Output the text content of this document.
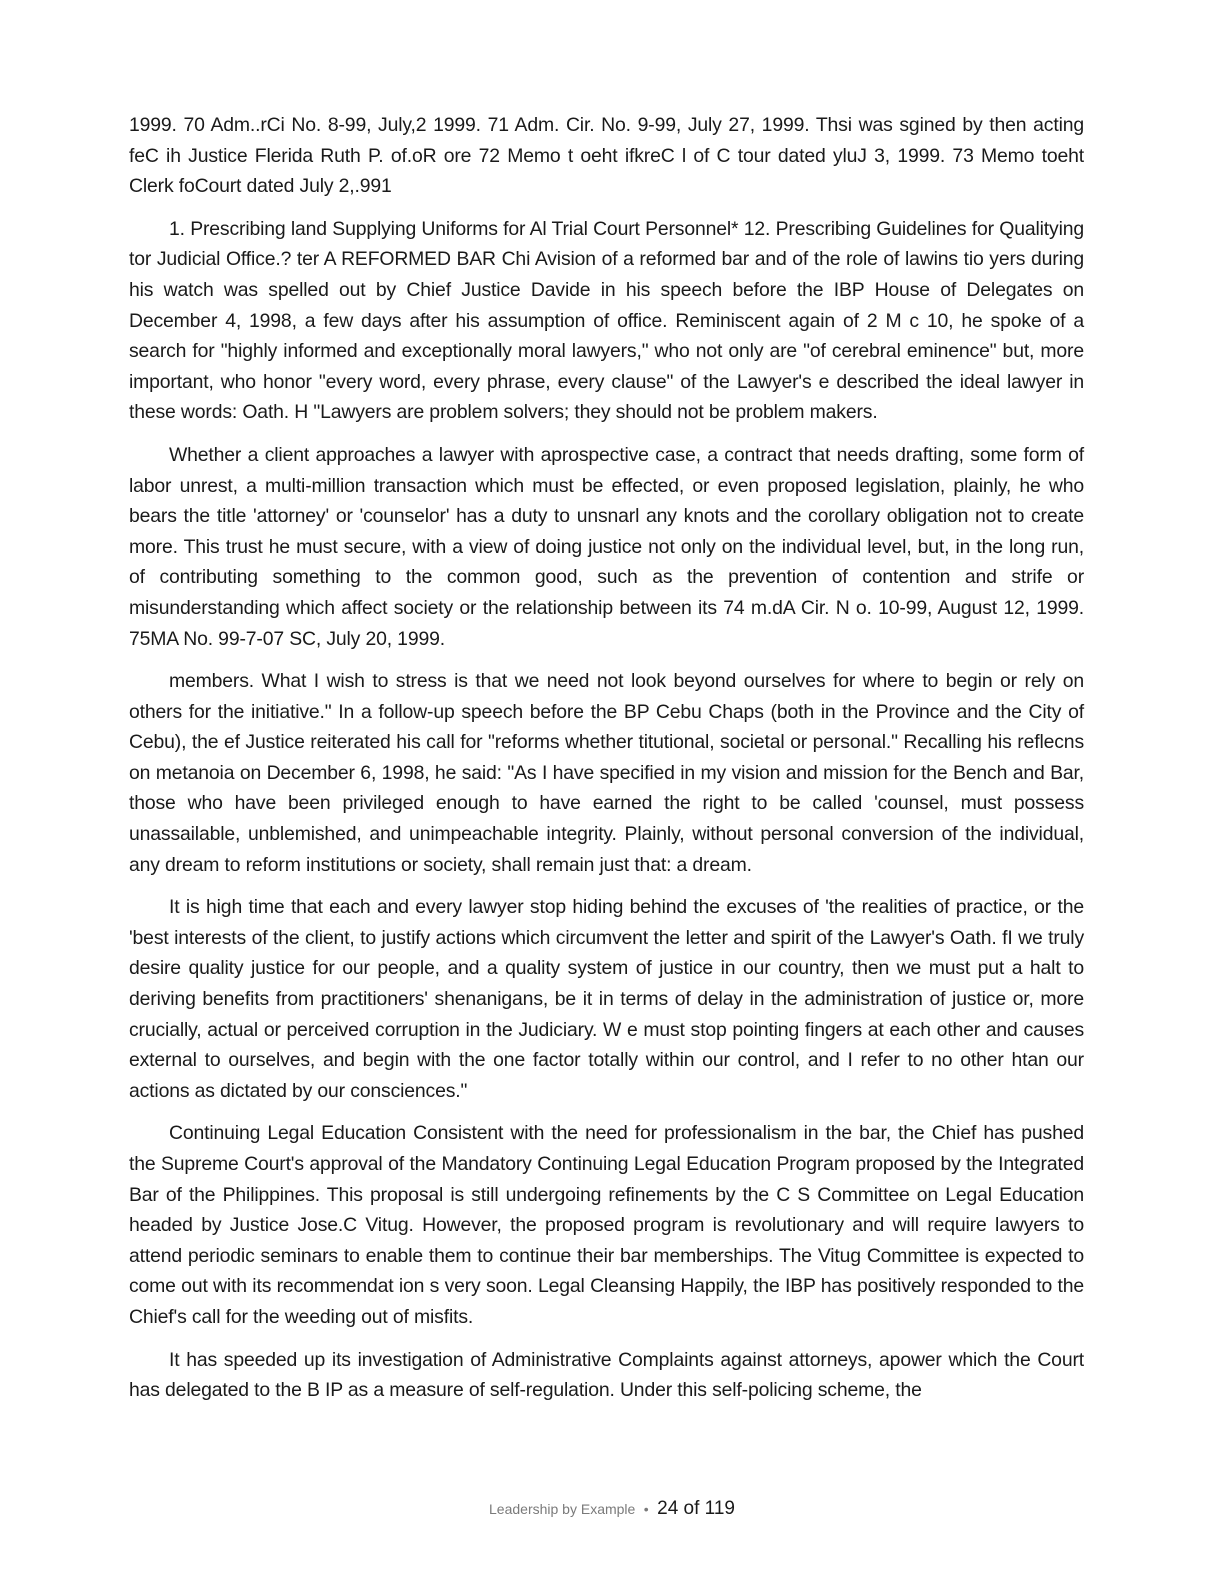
1999. 70 Adm..rCi No. 8-99, July,2 1999. 71 Adm. Cir. No. 9-99, July 27, 1999. Thsi was sgined by then acting feC ih Justice Flerida Ruth P. of.oR ore 72 Memo t oeht ifkreC l of C tour dated yluJ 3, 1999. 73 Memo toeht Clerk foCourt dated July 2,.991

1. Prescribing land Supplying Uniforms for Al Trial Court Personnel* 12. Prescribing Guidelines for Qualitying tor Judicial Office.? ter A REFORMED BAR Chi Avision of a reformed bar and of the role of lawins tio yers during his watch was spelled out by Chief Justice Davide in his speech before the IBP House of Delegates on December 4, 1998, a few days after his assumption of office. Reminiscent again of 2 M c 10, he spoke of a search for "highly informed and exceptionally moral lawyers," who not only are "of cerebral eminence" but, more important, who honor "every word, every phrase, every clause" of the Lawyer's e described the ideal lawyer in these words: Oath. H "Lawyers are problem solvers; they should not be problem makers.

Whether a client approaches a lawyer with aprospective case, a contract that needs drafting, some form of labor unrest, a multi-million transaction which must be effected, or even proposed legislation, plainly, he who bears the title 'attorney' or 'counselor' has a duty to unsnarl any knots and the corollary obligation not to create more. This trust he must secure, with a view of doing justice not only on the individual level, but, in the long run, of contributing something to the common good, such as the prevention of contention and strife or misunderstanding which affect society or the relationship between its 74 m.dA Cir. N o. 10-99, August 12, 1999. 75MA No. 99-7-07 SC, July 20, 1999.

members. What I wish to stress is that we need not look beyond ourselves for where to begin or rely on others for the initiative." In a follow-up speech before the BP Cebu Chaps (both in the Province and the City of Cebu), the ef Justice reiterated his call for "reforms whether titutional, societal or personal." Recalling his reflecns on metanoia on December 6, 1998, he said: "As I have specified in my vision and mission for the Bench and Bar, those who have been privileged enough to have earned the right to be called 'counsel, must possess unassailable, unblemished, and unimpeachable integrity. Plainly, without personal conversion of the individual, any dream to reform institutions or society, shall remain just that: a dream.

It is high time that each and every lawyer stop hiding behind the excuses of 'the realities of practice, or the 'best interests of the client, to justify actions which circumvent the letter and spirit of the Lawyer's Oath. fI we truly desire quality justice for our people, and a quality system of justice in our country, then we must put a halt to deriving benefits from practitioners' shenanigans, be it in terms of delay in the administration of justice or, more crucially, actual or perceived corruption in the Judiciary. W e must stop pointing fingers at each other and causes external to ourselves, and begin with the one factor totally within our control, and I refer to no other htan our actions as dictated by our consciences."

Continuing Legal Education Consistent with the need for professionalism in the bar, the Chief has pushed the Supreme Court's approval of the Mandatory Continuing Legal Education Program proposed by the Integrated Bar of the Philippines. This proposal is still undergoing refinements by the C S Committee on Legal Education headed by Justice Jose.C Vitug. However, the proposed program is revolutionary and will require lawyers to attend periodic seminars to enable them to continue their bar memberships. The Vitug Committee is expected to come out with its recommendat ion s very soon. Legal Cleansing Happily, the IBP has positively responded to the Chief's call for the weeding out of misfits.

It has speeded up its investigation of Administrative Complaints against attorneys, apower which the Court has delegated to the B IP as a measure of self-regulation. Under this self-policing scheme, the

Leadership by Example • 24 of 119
